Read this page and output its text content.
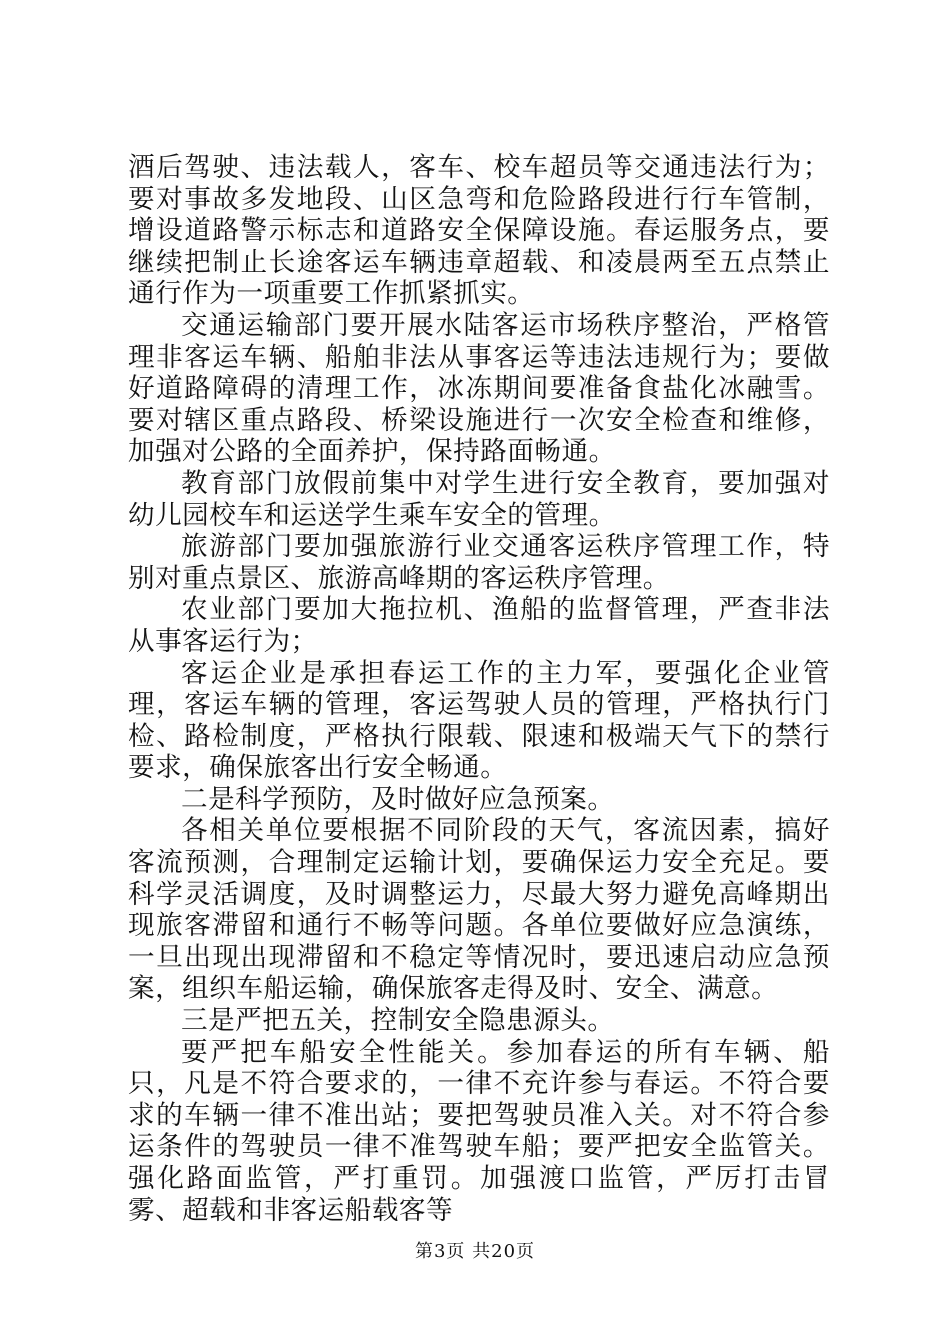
酒后驾驶、违法载人，客车、校车超员等交通违法行为；要对事故多发地段、山区急弯和危险路段进行行车管制，增设道路警示标志和道路安全保障设施。春运服务点，要继续把制止长途客运车辆违章超载、和凌晨两至五点禁止通行作为一项重要工作抓紧抓实。

交通运输部门要开展水陆客运市场秩序整治，严格管理非客运车辆、船舶非法从事客运等违法违规行为；要做好道路障碍的清理工作，冰冻期间要准备食盐化冰融雪。要对辖区重点路段、桥梁设施进行一次安全检查和维修，加强对公路的全面养护，保持路面畅通。

教育部门放假前集中对学生进行安全教育，要加强对幼儿园校车和运送学生乘车安全的管理。

旅游部门要加强旅游行业交通客运秩序管理工作，特别对重点景区、旅游高峰期的客运秩序管理。

农业部门要加大拖拉机、渔船的监督管理，严查非法从事客运行为；

客运企业是承担春运工作的主力军，要强化企业管理，客运车辆的管理，客运驾驶人员的管理，严格执行门检、路检制度，严格执行限载、限速和极端天气下的禁行要求，确保旅客出行安全畅通。

二是科学预防，及时做好应急预案。

各相关单位要根据不同阶段的天气，客流因素，搞好客流预测，合理制定运输计划，要确保运力安全充足。要科学灵活调度，及时调整运力，尽最大努力避免高峰期出现旅客滞留和通行不畅等问题。各单位要做好应急演练，一旦出现出现滞留和不稳定等情况时，要迅速启动应急预案，组织车船运输，确保旅客走得及时、安全、满意。

三是严把五关，控制安全隐患源头。

要严把车船安全性能关。参加春运的所有车辆、船只，凡是不符合要求的，一律不充许参与春运。不符合要求的车辆一律不准出站；要把驾驶员准入关。对不符合参运条件的驾驶员一律不准驾驶车船；要严把安全监管关。强化路面监管，严打重罚。加强渡口监管，严厉打击冒雾、超载和非客运船载客等

第3页 共20页
